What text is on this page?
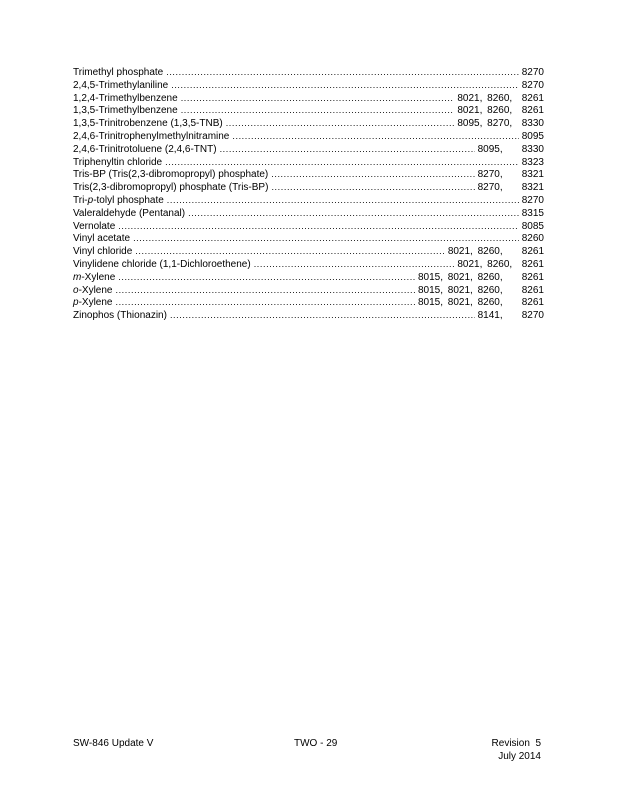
Trimethyl phosphate .....	8270
2,4,5-Trimethylaniline .....	8270
1,2,4-Trimethylbenzene .....	8021, 8260,  8261
1,3,5-Trimethylbenzene .....	8021, 8260,  8261
1,3,5-Trinitrobenzene (1,3,5-TNB) .....	8095, 8270,  8330
2,4,6-Trinitrophenylmethylnitramine .....	8095
2,4,6-Trinitrotoluene (2,4,6-TNT) .....	8095,    8330
Triphenyltin chloride .....	8323
Tris-BP (Tris(2,3-dibromopropyl) phosphate) .....	8270,    8321
Tris(2,3-dibromopropyl) phosphate (Tris-BP) .....	8270,    8321
Tri-p-tolyl phosphate .....	8270
Valeraldehyde (Pentanal) .....	8315
Vernolate .....	8085
Vinyl acetate .....	8260
Vinyl chloride .....	8021, 8260,    8261
Vinylidene chloride (1,1-Dichloroethene) .....	8021, 8260,  8261
m-Xylene .....	8015, 8021, 8260,    8261
o-Xylene .....	8015, 8021, 8260,    8261
p-Xylene .....	8015, 8021, 8260,    8261
Zinophos (Thionazin) .....	8141,    8270
SW-846 Update V	TWO - 29	Revision  5
July 2014
